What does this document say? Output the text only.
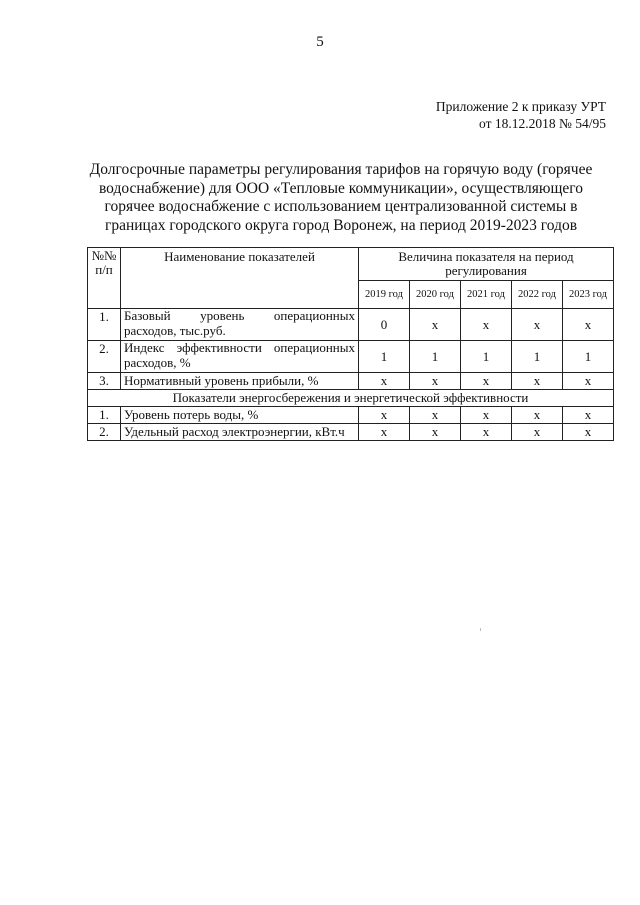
5
Приложение 2 к приказу УРТ
от 18.12.2018 № 54/95
Долгосрочные параметры регулирования тарифов на горячую воду (горячее водоснабжение) для ООО «Тепловые коммуникации», осуществляющего горячее водоснабжение с использованием централизованной системы в границах городского округа город Воронеж, на период 2019-2023 годов
№№ п/п	Наименование показателей	Величина показателя на период регулирования				
		2019 год	2020 год	2021 год	2022 год	2023 год
1.	Базовый уровень операционных расходов, тыс.руб.	0	х	х	х	х
2.	Индекс эффективности операционных расходов, %	1	1	1	1	1
3.	Нормативный уровень прибыли, %	х	х	х	х	х
Показатели энергосбережения и энергетической эффективности						
1.	Уровень потерь воды, %	х	х	х	х	х
2.	Удельный расход электроэнергии, кВт.ч	х	х	х	х	х
